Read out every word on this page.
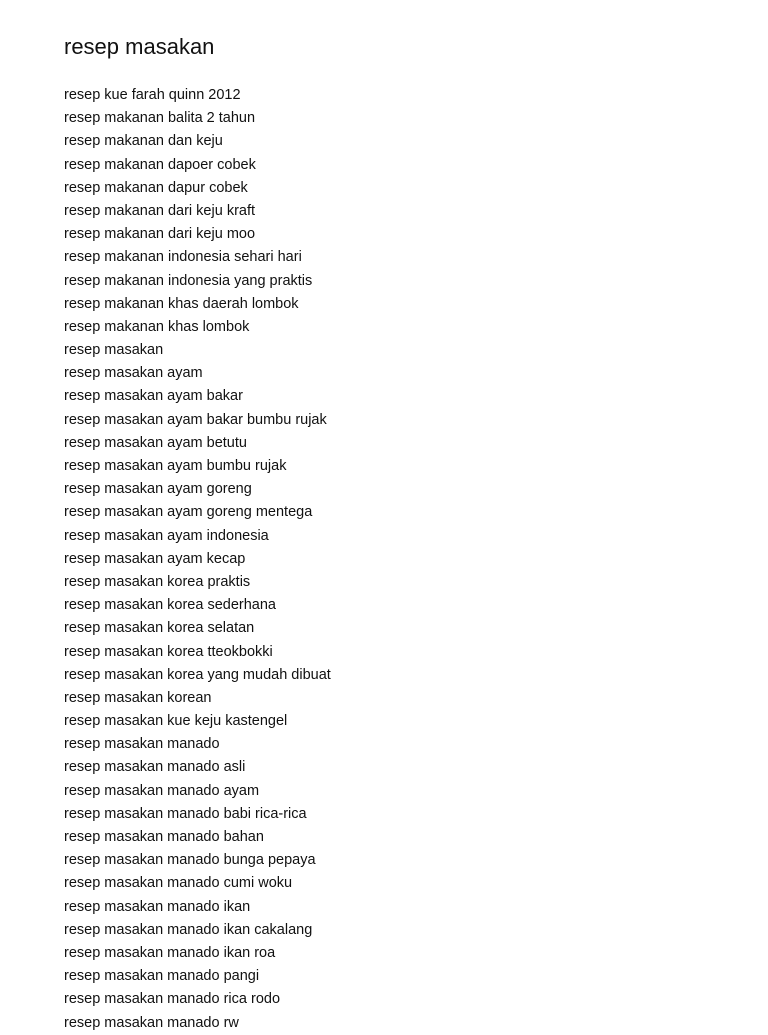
resep masakan
resep kue farah quinn 2012
resep makanan balita 2 tahun
resep makanan dan keju
resep makanan dapoer cobek
resep makanan dapur cobek
resep makanan dari keju kraft
resep makanan dari keju moo
resep makanan indonesia sehari hari
resep makanan indonesia yang praktis
resep makanan khas daerah lombok
resep makanan khas lombok
resep masakan
resep masakan ayam
resep masakan ayam bakar
resep masakan ayam bakar bumbu rujak
resep masakan ayam betutu
resep masakan ayam bumbu rujak
resep masakan ayam goreng
resep masakan ayam goreng mentega
resep masakan ayam indonesia
resep masakan ayam kecap
resep masakan korea praktis
resep masakan korea sederhana
resep masakan korea selatan
resep masakan korea tteokbokki
resep masakan korea yang mudah dibuat
resep masakan korean
resep masakan kue keju kastengel
resep masakan manado
resep masakan manado asli
resep masakan manado ayam
resep masakan manado babi rica-rica
resep masakan manado bahan
resep masakan manado bunga pepaya
resep masakan manado cumi woku
resep masakan manado ikan
resep masakan manado ikan cakalang
resep masakan manado ikan roa
resep masakan manado pangi
resep masakan manado rica rodo
resep masakan manado rw
